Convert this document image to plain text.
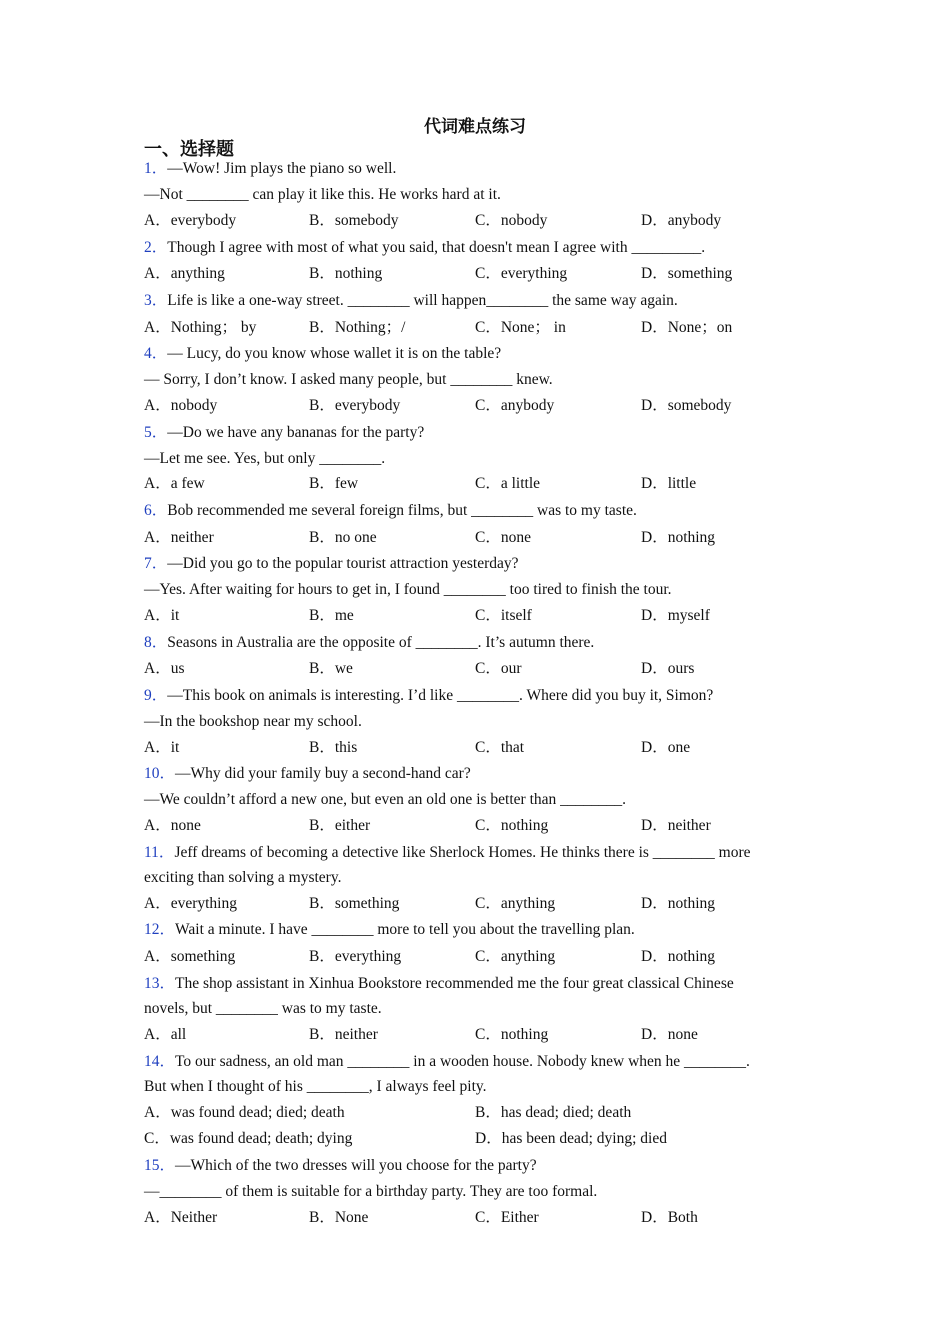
代词难点练习
一、选择题
1．—Wow! Jim plays the piano so well.
—Not ________ can play it like this. He works hard at it.
A．everybody	B．somebody	C．nobody	D．anybody
2．Though I agree with most of what you said, that doesn't mean I agree with _________.
A．anything	B．nothing	C．everything	D．something
3．Life is like a one-way street. ________ will happen________ the same way again.
A．Nothing； by	B．Nothing；/	C．None； in	D．None；on
4．— Lucy, do you know whose wallet it is on the table?
— Sorry, I don’t know. I asked many people, but ________ knew.
A．nobody	B．everybody	C．anybody	D．somebody
5．—Do we have any bananas for the party?
—Let me see. Yes, but only ________.
A．a few	B．few	C．a little	D．little
6．Bob recommended me several foreign films, but ________ was to my taste.
A．neither	B．no one	C．none	D．nothing
7．—Did you go to the popular tourist attraction yesterday?
—Yes. After waiting for hours to get in, I found ________ too tired to finish the tour.
A．it	B．me	C．itself	D．myself
8．Seasons in Australia are the opposite of ________. It’s autumn there.
A．us	B．we	C．our	D．ours
9．—This book on animals is interesting. I’d like ________. Where did you buy it, Simon?
—In the bookshop near my school.
A．it	B．this	C．that	D．one
10．—Why did your family buy a second-hand car?
—We couldn’t afford a new one, but even an old one is better than ________.
A．none	B．either	C．nothing	D．neither
11．Jeff dreams of becoming a detective like Sherlock Homes. He thinks there is ________ more
exciting than solving a mystery.
A．everything	B．something	C．anything	D．nothing
12．Wait a minute. I have ________ more to tell you about the travelling plan.
A．something	B．everything	C．anything	D．nothing
13．The shop assistant in Xinhua Bookstore recommended me the four great classical Chinese
novels, but ________ was to my taste.
A．all	B．neither	C．nothing	D．none
14．To our sadness, an old man ________ in a wooden house. Nobody knew when he ________.
But when I thought of his ________, I always feel pity.
A．was found dead; died; death	B．has dead; died; death
C．was found dead; death; dying	D．has been dead; dying; died
15．—Which of the two dresses will you choose for the party?
—________ of them is suitable for a birthday party. They are too formal.
A．Neither	B．None	C．Either	D．Both
